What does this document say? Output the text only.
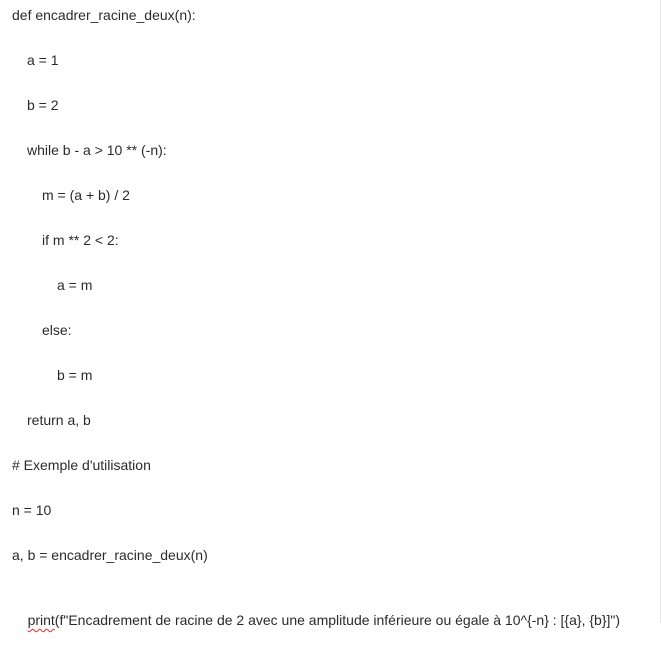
def encadrer_racine_deux(n):
a = 1
b = 2
while b - a > 10 ** (-n):
m = (a + b) / 2
if m ** 2 < 2:
a = m
else:
b = m
return a, b
# Exemple d'utilisation
n = 10
a, b = encadrer_racine_deux(n)

print(f"Encadrement de racine de 2 avec une amplitude inférieure ou égale à 10^{-n} : [{a}, {b}]")
